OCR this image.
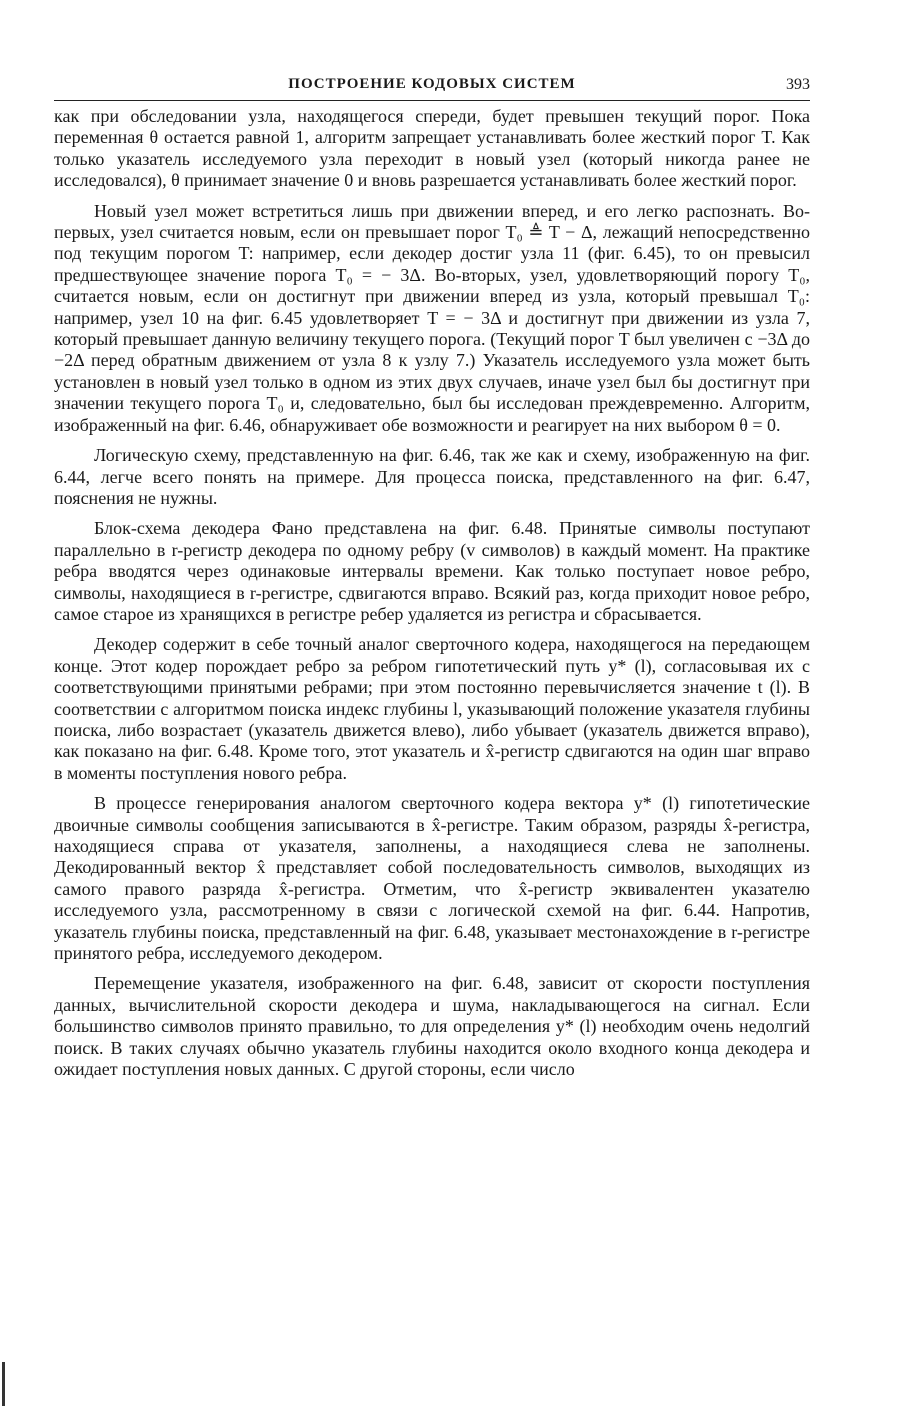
ПОСТРОЕНИЕ КОДОВЫХ СИСТЕМ	393

как при обследовании узла, находящегося спереди, будет превышен текущий порог. Пока переменная θ остается равной 1, алгоритм запрещает устанавливать более жесткий порог T. Как только указатель исследуемого узла переходит в новый узел (который никогда ранее не исследовался), θ принимает значение 0 и вновь разрешается устанавливать более жесткий порог.

Новый узел может встретиться лишь при движении вперед, и его легко распознать. Во-первых, узел считается новым, если он превышает порог T₀ ≜ T − Δ, лежащий непосредственно под текущим порогом T: например, если декодер достиг узла 11 (фиг. 6.45), то он превысил предшествующее значение порога T₀ = − 3Δ. Во-вторых, узел, удовлетворяющий порогу T₀, считается новым, если он достигнут при движении вперед из узла, который превышал T₀: например, узел 10 на фиг. 6.45 удовлетворяет T = − 3Δ и достигнут при движении из узла 7, который превышает данную величину текущего порога. (Текущий порог T был увеличен с −3Δ до −2Δ перед обратным движением от узла 8 к узлу 7.) Указатель исследуемого узла может быть установлен в новый узел только в одном из этих двух случаев, иначе узел был бы достигнут при значении текущего порога T₀ и, следовательно, был бы исследован преждевременно. Алгоритм, изображенный на фиг. 6.46, обнаруживает обе возможности и реагирует на них выбором θ = 0.

Логическую схему, представленную на фиг. 6.46, так же как и схему, изображенную на фиг. 6.44, легче всего понять на примере. Для процесса поиска, представленного на фиг. 6.47, пояснения не нужны.

Блок-схема декодера Фано представлена на фиг. 6.48. Принятые символы поступают параллельно в r-регистр декодера по одному ребру (v символов) в каждый момент. На практике ребра вводятся через одинаковые интервалы времени. Как только поступает новое ребро, символы, находящиеся в r-регистре, сдвигаются вправо. Всякий раз, когда приходит новое ребро, самое старое из хранящихся в регистре ребер удаляется из регистра и сбрасывается.

Декодер содержит в себе точный аналог сверточного кодера, находящегося на передающем конце. Этот кодер порождает ребро за ребром гипотетический путь y* (l), согласовывая их с соответствующими принятыми ребрами; при этом постоянно перевычисляется значение t (l). В соответствии с алгоритмом поиска индекс глубины l, указывающий положение указателя глубины поиска, либо возрастает (указатель движется влево), либо убывает (указатель движется вправо), как показано на фиг. 6.48. Кроме того, этот указатель и x̂-регистр сдвигаются на один шаг вправо в моменты поступления нового ребра.

В процессе генерирования аналогом сверточного кодера вектора y* (l) гипотетические двоичные символы сообщения записываются в x̂-регистре. Таким образом, разряды x̂-регистра, находящиеся справа от указателя, заполнены, а находящиеся слева не заполнены. Декодированный вектор x̂ представляет собой последовательность символов, выходящих из самого правого разряда x̂-регистра. Отметим, что x̂-регистр эквивалентен указателю исследуемого узла, рассмотренному в связи с логической схемой на фиг. 6.44. Напротив, указатель глубины поиска, представленный на фиг. 6.48, указывает местонахождение в r-регистре принятого ребра, исследуемого декодером.

Перемещение указателя, изображенного на фиг. 6.48, зависит от скорости поступления данных, вычислительной скорости декодера и шума, накладывающегося на сигнал. Если большинство символов принято правильно, то для определения y* (l) необходим очень недолгий поиск. В таких случаях обычно указатель глубины находится около входного конца декодера и ожидает поступления новых данных. С другой стороны, если число
